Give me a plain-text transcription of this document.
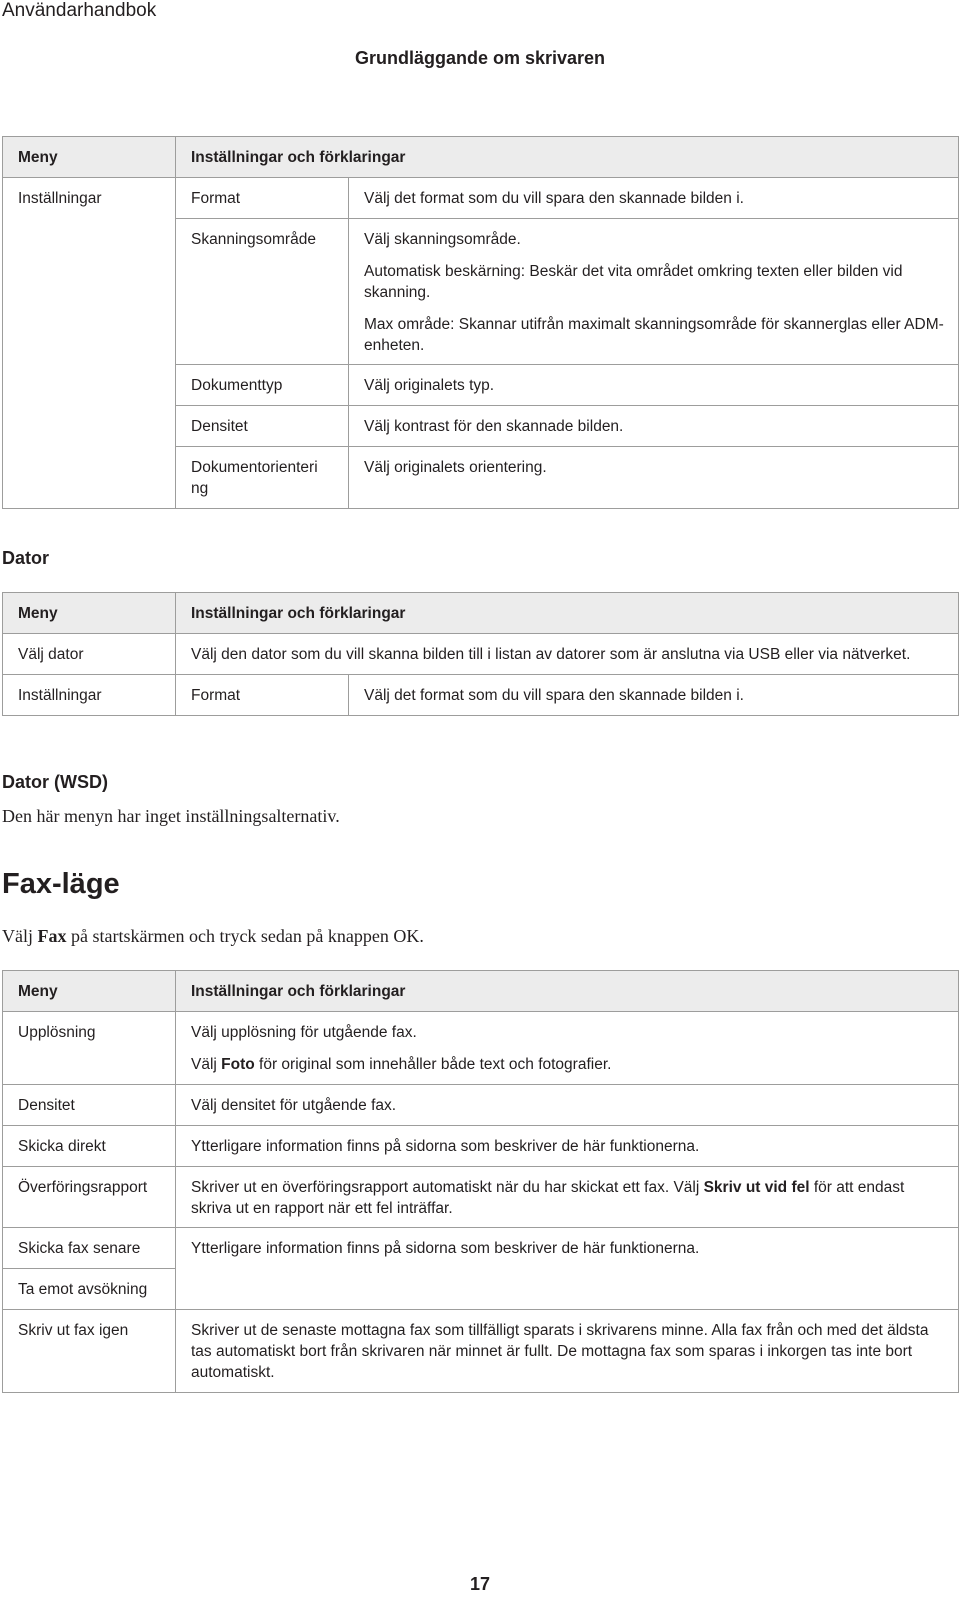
Användarhandbok
Grundläggande om skrivaren
Meny	Inställningar och förklaringar	
Inställningar	Format	Välj det format som du vill spara den skannade bilden i.

	Skanningsområde	Välj skanningsområde.

Automatisk beskärning: Beskär det vita området omkring texten eller bilden vid skanning.

Max område: Skannar utifrån maximalt skanningsområde för skannerglas eller ADM-enheten.

	Dokumenttyp	Välj originalets typ.

	Densitet	Välj kontrast för den skannade bilden.

	Dokumentorienteri ng	Välj originalets orientering.

Dator
Meny	Inställningar och förklaringar	
Välj dator	Välj den dator som du vill skanna bilden till i listan av datorer som är anslutna via USB eller via nätverket.	
Inställningar	Format	Välj det format som du vill spara den skannade bilden i.
Dator (WSD)
Den här menyn har inget inställningsalternativ.
Fax-läge
Välj Fax på startskärmen och tryck sedan på knappen OK.
Meny	Inställningar och förklaringar
Upplösning	Välj upplösning för utgående fax.

Välj Foto för original som innehåller både text och fotografier.

Densitet	Välj densitet för utgående fax.
Skicka direkt	Ytterligare information finns på sidorna som beskriver de här funktionerna.
Överföringsrapport	Skriver ut en överföringsrapport automatiskt när du har skickat ett fax. Välj Skriv ut vid fel för att endast skriva ut en rapport när ett fel inträffar.
Skicka fax senare	Ytterligare information finns på sidorna som beskriver de här funktionerna.
Ta emot avsökning	
Skriv ut fax igen	Skriver ut de senaste mottagna fax som tillfälligt sparats i skrivarens minne. Alla fax från och med det äldsta tas automatiskt bort från skrivaren när minnet är fullt. De mottagna fax som sparas i inkorgen tas inte bort automatiskt.
17
